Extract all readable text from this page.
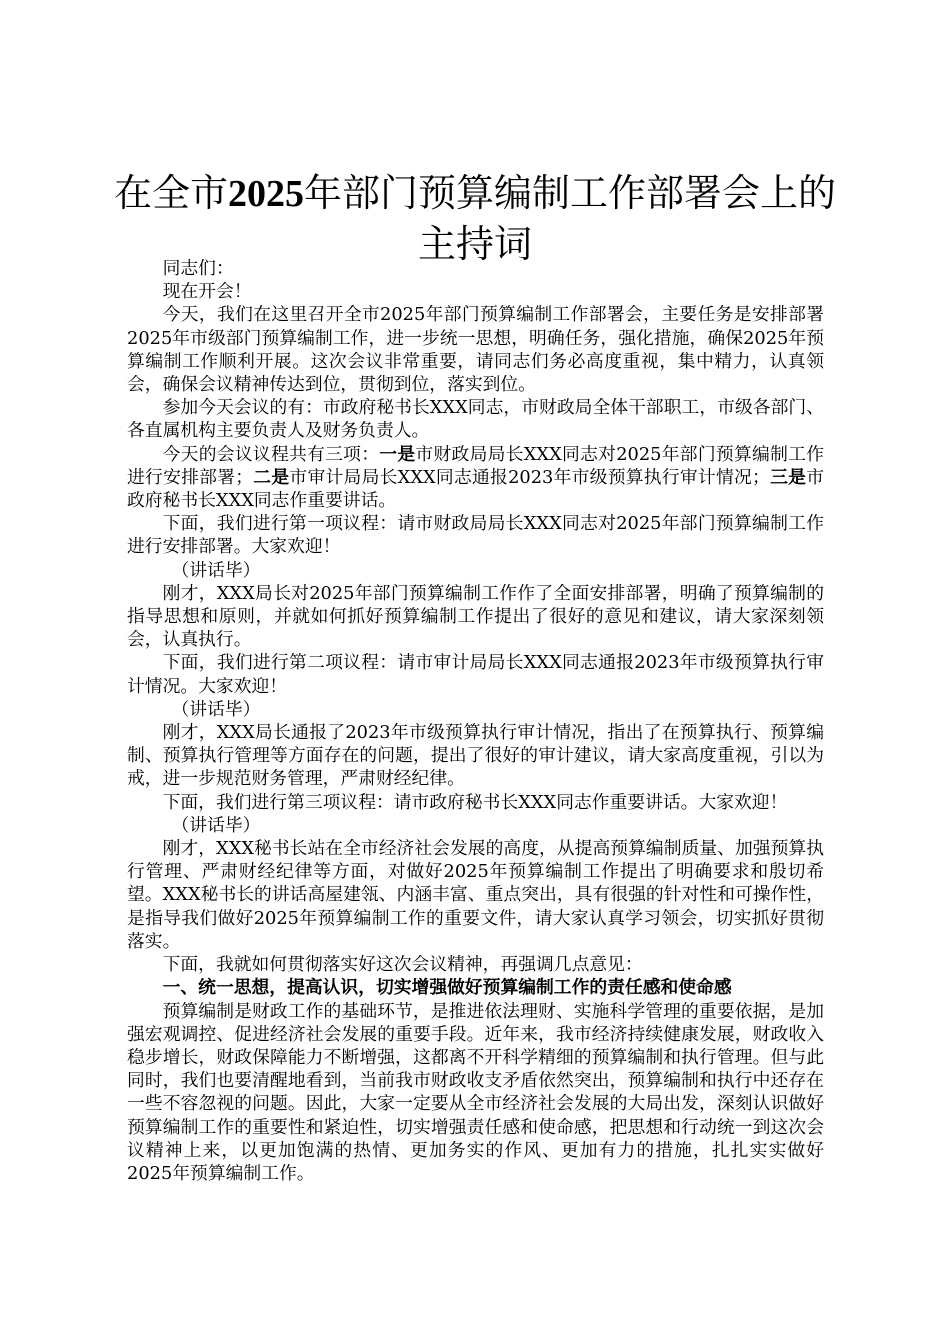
在全市2025年部门预算编制工作部署会上的
主持词

同志们：

现在开会！

今天，我们在这里召开全市2025年部门预算编制工作部署会，主要任务是安排部署2025年市级部门预算编制工作，进一步统一思想，明确任务，强化措施，确保2025年预算编制工作顺利开展。这次会议非常重要，请同志们务必高度重视，集中精力，认真领会，确保会议精神传达到位，贯彻到位，落实到位。

参加今天会议的有：市政府秘书长XXX同志，市财政局全体干部职工，市级各部门、各直属机构主要负责人及财务负责人。

今天的会议议程共有三项：一是市财政局局长XXX同志对2025年部门预算编制工作进行安排部署；二是市审计局局长XXX同志通报2023年市级预算执行审计情况；三是市政府秘书长XXX同志作重要讲话。

下面，我们进行第一项议程：请市财政局局长XXX同志对2025年部门预算编制工作进行安排部署。大家欢迎！

（讲话毕）

刚才，XXX局长对2025年部门预算编制工作作了全面安排部署，明确了预算编制的指导思想和原则，并就如何抓好预算编制工作提出了很好的意见和建议，请大家深刻领会，认真执行。

下面，我们进行第二项议程：请市审计局局长XXX同志通报2023年市级预算执行审计情况。大家欢迎！

（讲话毕）

刚才，XXX局长通报了2023年市级预算执行审计情况，指出了在预算执行、预算编制、预算执行管理等方面存在的问题，提出了很好的审计建议，请大家高度重视，引以为戒，进一步规范财务管理，严肃财经纪律。

下面，我们进行第三项议程：请市政府秘书长XXX同志作重要讲话。大家欢迎！

（讲话毕）

刚才，XXX秘书长站在全市经济社会发展的高度，从提高预算编制质量、加强预算执行管理、严肃财经纪律等方面，对做好2025年预算编制工作提出了明确要求和殷切希望。XXX秘书长的讲话高屋建瓴、内涵丰富、重点突出，具有很强的针对性和可操作性，是指导我们做好2025年预算编制工作的重要文件，请大家认真学习领会，切实抓好贯彻落实。

下面，我就如何贯彻落实好这次会议精神，再强调几点意见：

一、统一思想，提高认识，切实增强做好预算编制工作的责任感和使命感

预算编制是财政工作的基础环节，是推进依法理财、实施科学管理的重要依据，是加强宏观调控、促进经济社会发展的重要手段。近年来，我市经济持续健康发展，财政收入稳步增长，财政保障能力不断增强，这都离不开科学精细的预算编制和执行管理。但与此同时，我们也要清醒地看到，当前我市财政收支矛盾依然突出，预算编制和执行中还存在一些不容忽视的问题。因此，大家一定要从全市经济社会发展的大局出发，深刻认识做好预算编制工作的重要性和紧迫性，切实增强责任感和使命感，把思想和行动统一到这次会议精神上来，以更加饱满的热情、更加务实的作风、更加有力的措施，扎扎实实做好2025年预算编制工作。
